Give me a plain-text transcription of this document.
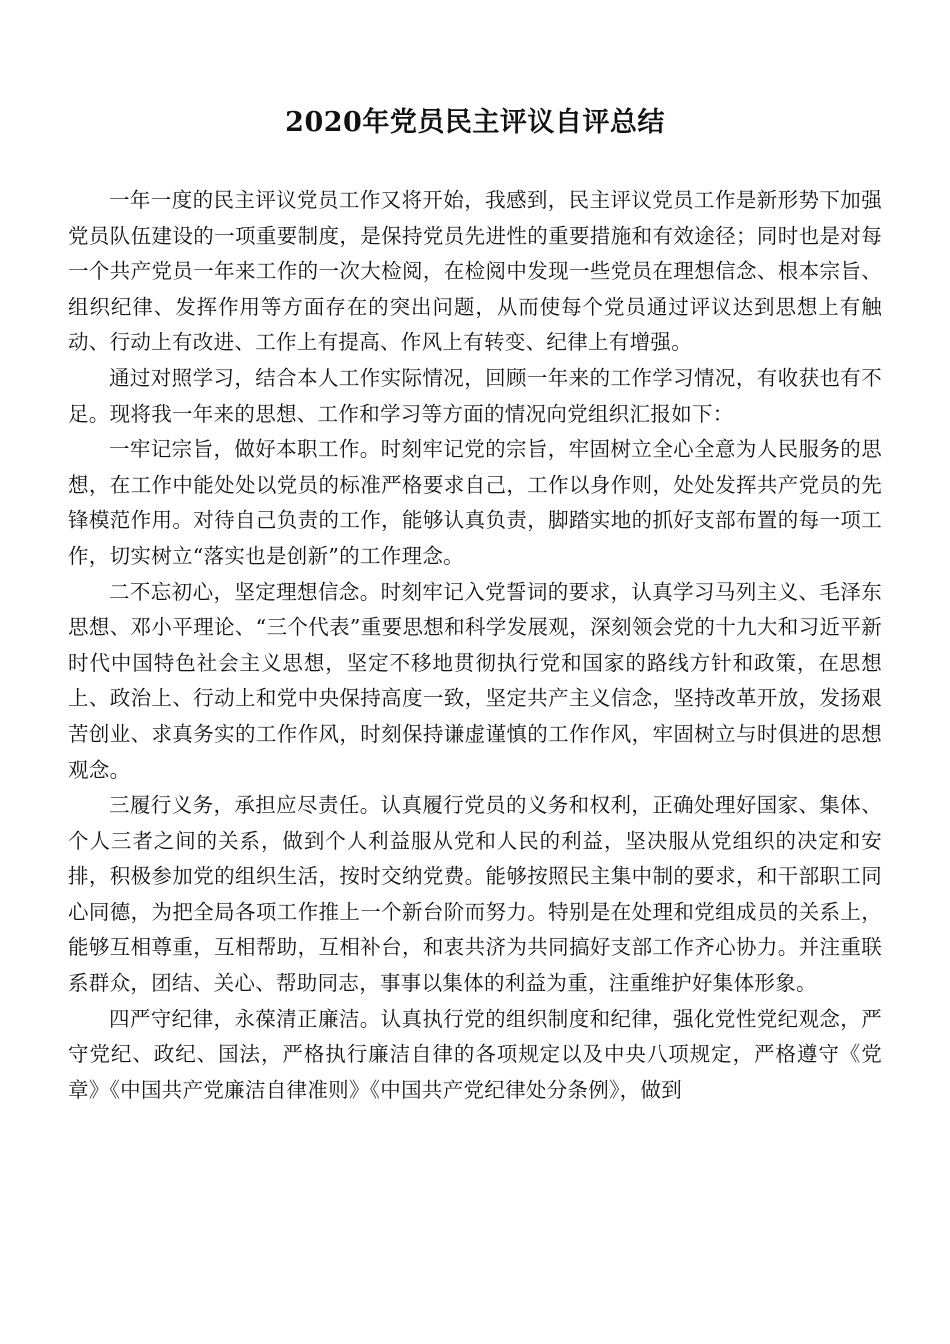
2020年党员民主评议自评总结

一年一度的民主评议党员工作又将开始，我感到，民主评议党员工作是新形势下加强党员队伍建设的一项重要制度，是保持党员先进性的重要措施和有效途径；同时也是对每一个共产党员一年来工作的一次大检阅，在检阅中发现一些党员在理想信念、根本宗旨、组织纪律、发挥作用等方面存在的突出问题，从而使每个党员通过评议达到思想上有触动、行动上有改进、工作上有提高、作风上有转变、纪律上有增强。

通过对照学习，结合本人工作实际情况，回顾一年来的工作学习情况，有收获也有不足。现将我一年来的思想、工作和学习等方面的情况向党组织汇报如下：

一牢记宗旨，做好本职工作。时刻牢记党的宗旨，牢固树立全心全意为人民服务的思想，在工作中能处处以党员的标准严格要求自己，工作以身作则，处处发挥共产党员的先锋模范作用。对待自己负责的工作，能够认真负责，脚踏实地的抓好支部布置的每一项工作，切实树立“落实也是创新”的工作理念。

二不忘初心，坚定理想信念。时刻牢记入党誓词的要求，认真学习马列主义、毛泽东思想、邓小平理论、“三个代表”重要思想和科学发展观，深刻领会党的十九大和习近平新时代中国特色社会主义思想，坚定不移地贯彻执行党和国家的路线方针和政策，在思想上、政治上、行动上和党中央保持高度一致，坚定共产主义信念，坚持改革开放，发扬艰苦创业、求真务实的工作作风，时刻保持谦虚谨慎的工作作风，牢固树立与时俱进的思想观念。

三履行义务，承担应尽责任。认真履行党员的义务和权利，正确处理好国家、集体、个人三者之间的关系，做到个人利益服从党和人民的利益，坚决服从党组织的决定和安排，积极参加党的组织生活，按时交纳党费。能够按照民主集中制的要求，和干部职工同心同德，为把全局各项工作推上一个新台阶而努力。特别是在处理和党组成员的关系上，能够互相尊重，互相帮助，互相补台，和衷共济为共同搞好支部工作齐心协力。并注重联系群众，团结、关心、帮助同志，事事以集体的利益为重，注重维护好集体形象。

四严守纪律，永葆清正廉洁。认真执行党的组织制度和纪律，强化党性党纪观念，严守党纪、政纪、国法，严格执行廉洁自律的各项规定以及中央八项规定，严格遵守《党章》《中国共产党廉洁自律准则》《中国共产党纪律处分条例》，做到
